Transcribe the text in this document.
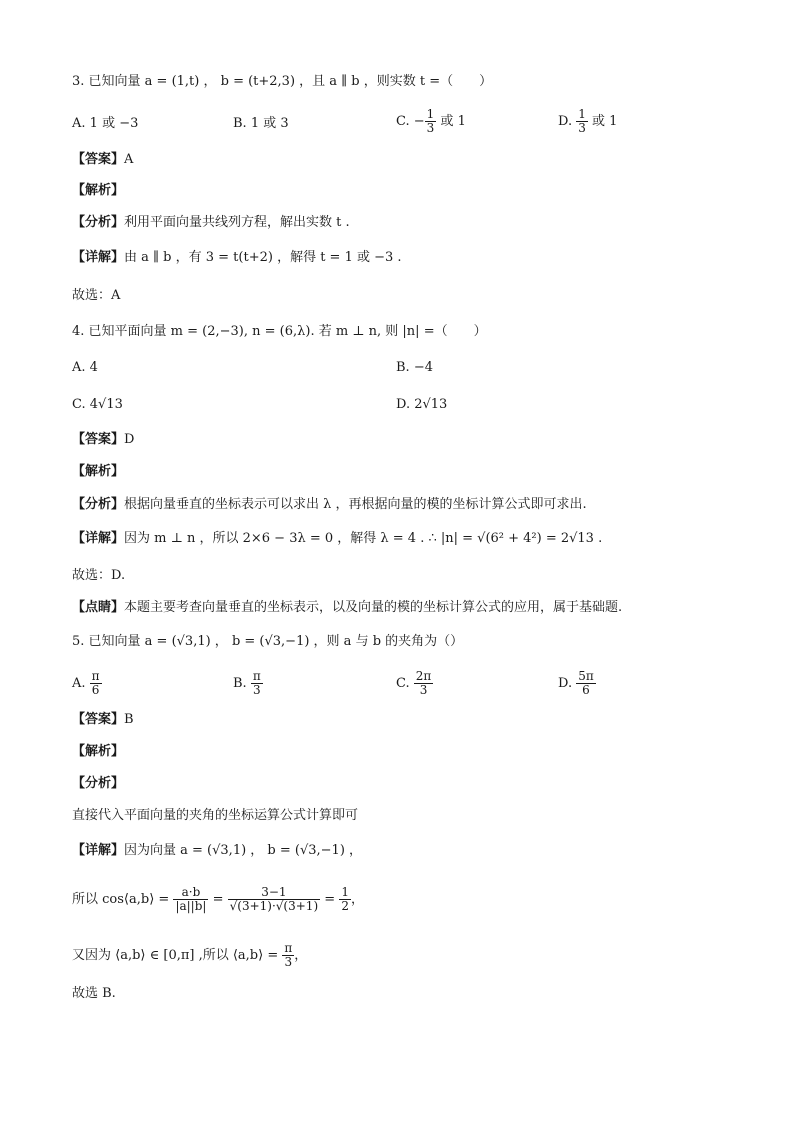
3. 已知向量 a = (1,t) ， b = (t+2,3) ，且 a ∥ b ，则实数 t =（　　）
A. 1 或 −3	B. 1 或 3	C. − $\frac{1}{3}$ 或 1	D. $\frac{1}{3}$ 或 1
【答案】A
【解析】
【分析】利用平面向量共线列方程，解出实数 t .
【详解】由 a ∥ b ，有 3 = t(t+2) ，解得 t = 1 或 −3 .
故选：A
4. 已知平面向量 m = (2,−3), n = (6,λ). 若 m ⊥ n, 则 |n| =（　　）
A. 4	B. −4
C. 4√13	D. 2√13
【答案】D
【解析】
【分析】根据向量垂直的坐标表示可以求出 λ ，再根据向量的模的坐标计算公式即可求出.
【详解】因为 m ⊥ n ，所以 2×6 − 3λ = 0 ，解得 λ = 4 . ∴ |n| = √(6² + 4²) = 2√13 .
故选：D.
【点睛】本题主要考查向量垂直的坐标表示，以及向量的模的坐标计算公式的应用，属于基础题.
5. 已知向量 a = (√3,1) ， b = (√3,−1) ，则 a 与 b 的夹角为（）
A. $\frac{\pi}{6}$	B. $\frac{\pi}{3}$	C. $\frac{2\pi}{3}$	D. $\frac{5\pi}{6}$
【答案】B
【解析】
【分析】
直接代入平面向量的夹角的坐标运算公式计算即可
【详解】因为向量 a = (√3,1) ， b = (√3,−1) ，
所以 cos⟨a,b⟩ = $\frac{a\cdot b}{|a||b|} = \frac{3-1}{√(3+1)\cdot√(3+1)} = \frac{1}{2}$ ，
又因为 ⟨a,b⟩ ∈ [0,π] ,所以 ⟨a,b⟩ = $\frac{\pi}{3}$ ，
故选 B.
